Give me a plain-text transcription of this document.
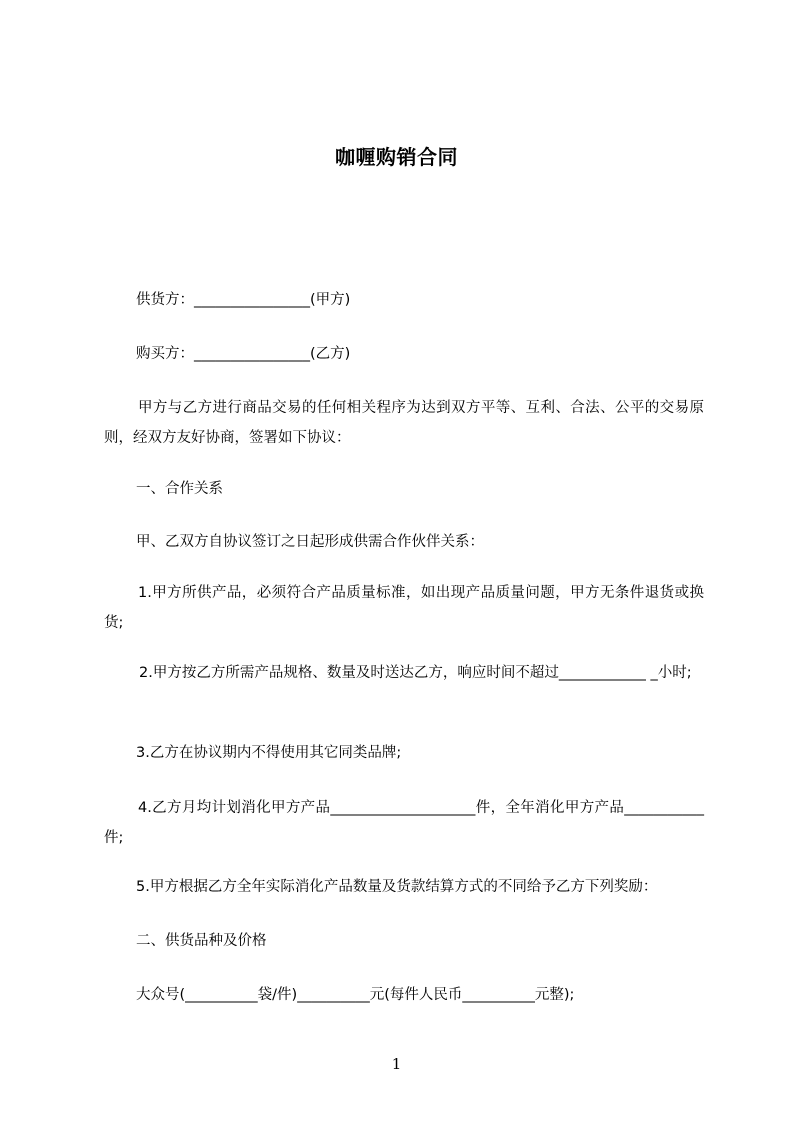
咖喱购销合同
供货方：________________(甲方)
购买方：________________(乙方)
甲方与乙方进行商品交易的任何相关程序为达到双方平等、互利、合法、公平的交易原则，经双方友好协商，签署如下协议：
一、合作关系
甲、乙双方自协议签订之日起形成供需合作伙伴关系：
1.甲方所供产品，必须符合产品质量标准，如出现产品质量问题，甲方无条件退货或换货;
2.甲方按乙方所需产品规格、数量及时送达乙方，响应时间不超过____________ _小时;
3.乙方在协议期内不得使用其它同类品牌;
4.乙方月均计划消化甲方产品____________________件，全年消化甲方产品___________件;
5.甲方根据乙方全年实际消化产品数量及货款结算方式的不同给予乙方下列奖励：
二、供货品种及价格
大众号(__________袋/件)__________元(每件人民币__________元整);
1
